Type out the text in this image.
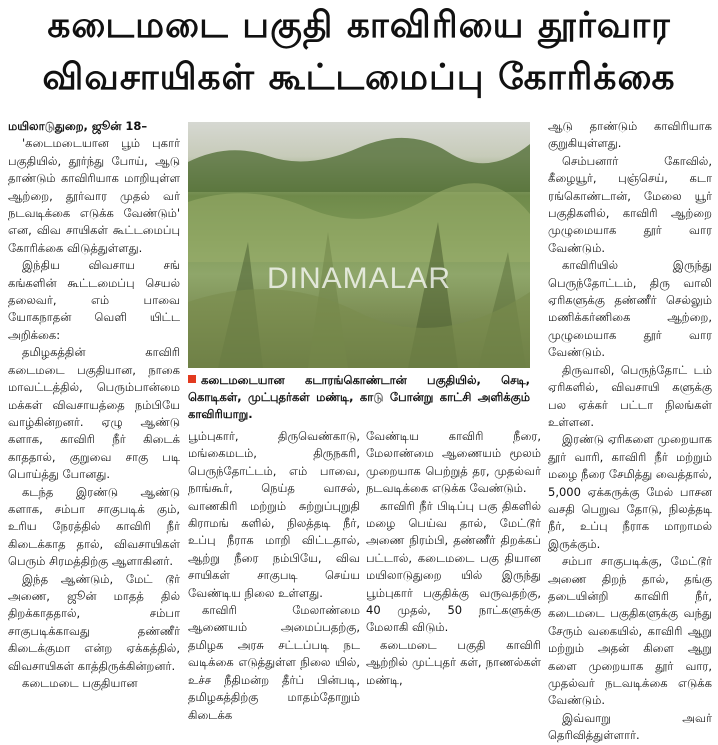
கடைமடை பகுதி காவிரியை தூர்வார
விவசாயிகள் கூட்டமைப்பு கோரிக்கை

மயிலாடுதுறை, ஜூன் 18–

'கடைமடையான பூம் புகார் பகுதியில், தூர்ந்து போய், ஆடு தாண்டும் காவிரியாக மாறியுள்ள ஆற்றை, தூர்வார முதல் வர் நடவடிக்கை எடுக்க வேண்டும்' என, விவ சாயிகள் கூட்டமைப்பு கோரிக்கை விடுத்துள்ளது.

இந்திய விவசாய சங் கங்களின் கூட்டமைப்பு செயல் தலைவர், எம் பாவை யோகநாதன் வெளி யிட்ட அறிக்கை:

தமிழகத்தின் காவிரி கடைமடை பகுதியான, நாகை மாவட்டத்தில், பெரும்பான்மை மக்கள் விவசாயத்தை நம்பியே வாழ்கின்றனர். ஏழு ஆண்டு களாக, காவிரி நீர் கிடைக் காததால், குறுவை சாகு படி பொய்த்து போனது.

கடந்த இரண்டு ஆண்டு களாக, சம்பா சாகுபடிக் கும், உரிய நேரத்தில் காவிரி நீர் கிடைக்காத தால், விவசாயிகள் பெரும் சிரமத்திற்கு ஆளாகினர்.

இந்த ஆண்டும், மேட் டூர் அணை, ஜூன் மாதத் தில் திறக்காததால், சம்பா சாகுபடிக்காவது தண்ணீர் கிடைக்குமா என்ற ஏக்கத்தில், விவசாயிகள் காத்திருக்கின்றனர்.

கடைமடை பகுதியான

DINAMALAR
கடைமடையான கடாரங்கொண்டான் பகுதியில், செடி, கொடிகள், முட்புதர்கள் மண்டி, காடு போன்று காட்சி அளிக்கும் காவிரியாறு.

பூம்புகார், திருவெண்காடு, மங்கைமடம், திருநகரி, பெருந்தோட்டம், எம் பாவை, நாங்கூர், நெய்த வாசல், வாணகிரி மற்றும் சுற்றுப்புறுதி கிராமங் களில், நிலத்தடி நீர், உப்பு நீராக மாறி விட்டதால், ஆற்று நீரை நம்பியே, விவ சாயிகள் சாகுபடி செய்ய வேண்டிய நிலை உள்ளது.

காவிரி மேலாண்மை ஆணையம் அமைப்பதற்கு, தமிழக அரசு சட்டப்படி நட வடிக்கை எடுத்துள்ள நிலை யில், உச்ச நீதிமன்ற தீர்ப் பின்படி, தமிழகத்திற்கு மாதம்தோறும் கிடைக்க

வேண்டிய காவிரி நீரை, மேலாண்மை ஆணையம் மூலம் முறையாக பெற்றுத் தர, முதல்வர் நடவடிக்கை எடுக்க வேண்டும்.

காவிரி நீர் பிடிப்பு பகு திகளில் மழை பெய்வ தால், மேட்டூர் அணை நிரம்பி, தண்ணீர் திறக்கப் பட்டால், கடைமடை பகு தியான மயிலாடுதுறை யில் இருந்து பூம்புகார் பகுதிக்கு வருவதற்கு, 40 முதல், 50 நாட்களுக்கு மேலாகி விடும்.

கடைமடை பகுதி காவிரி ஆற்றில் முட்புதர் கள், நாணல்கள் மண்டி,

ஆடு தாண்டும் காவிரியாக குறுகியுள்ளது.

செம்பனார் கோவில், கீழையூர், புஞ்செய், கடா ரங்கொண்டான், மேலை யூர் பகுதிகளில், காவிரி ஆற்றை முழுமையாக தூர் வார வேண்டும்.

காவிரியில் இருந்து பெருந்தோட்டம், திரு வாலி ஏரிகளுக்கு தண்ணீர் செல்லும் மணிக்கர்ணிகை ஆற்றை, முழுமையாக தூர் வார வேண்டும்.

திருவாலி, பெருந்தோட் டம் ஏரிகளில், விவசாயி களுக்கு பல ஏக்கர் பட்டா நிலங்கள் உள்ளன.

இரண்டு ஏரிகளை முறையாக தூர் வாரி, காவிரி நீர் மற்றும் மழை நீரை சேமித்து வைத்தால், 5,000 ஏக்கருக்கு மேல் பாசன வசதி பெறுவ தோடு, நிலத்தடி நீர், உப்பு நீராக மாறாமல் இருக்கும்.

சம்பா சாகுபடிக்கு, மேட்டூர் அணை திறந் தால், தங்கு தடையின்றி காவிரி நீர், கடைமடை பகுதிகளுக்கு வந்து சேரும் வகையில், காவிரி ஆறு மற்றும் அதன் கிளை ஆறு களை முறையாக தூர் வார, முதல்வர் நடவடிக்கை எடுக்க வேண்டும்.

இவ்வாறு அவர் தெரிவித்துள்ளார்.
